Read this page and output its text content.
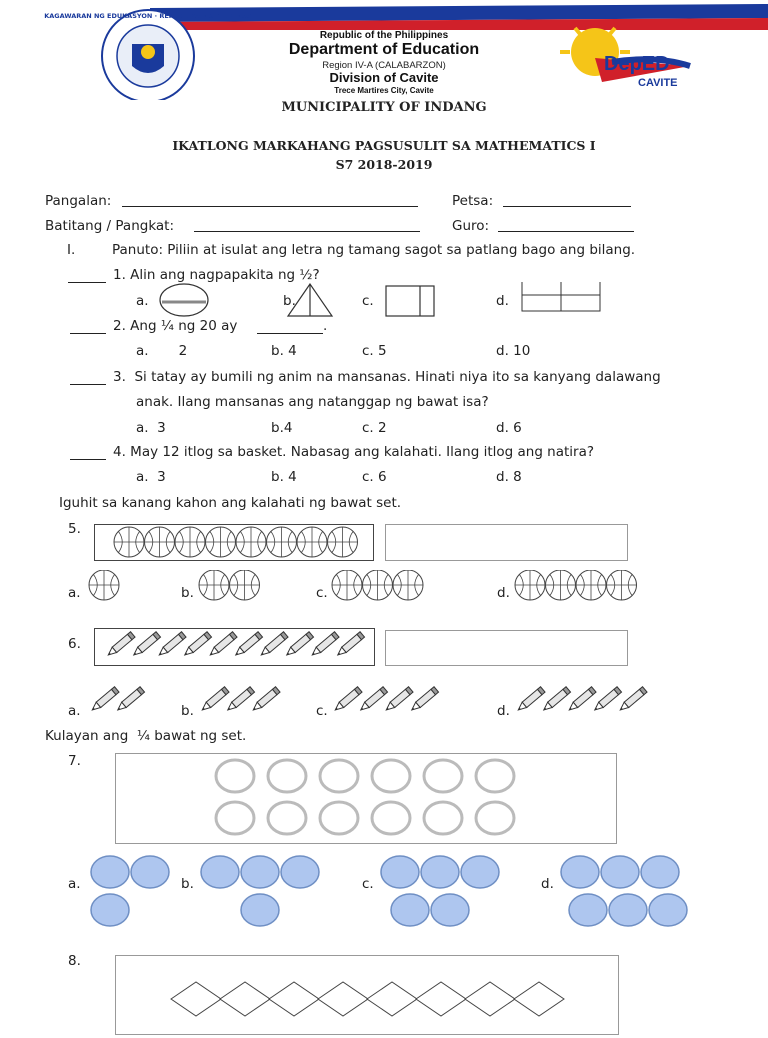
KAGAWARAN NG EDUKASYON · REPUBLIKA NG PILIPINAS
DepED
CAVITE
Republic of the Philippines
Department of Education
Region IV-A (CALABARZON)
Division of Cavite
Trece Martires City, Cavite
MUNICIPALITY OF INDANG
IKATLONG MARKAHANG PAGSUSULIT SA MATHEMATICS I
S7 2018-2019
Pangalan:	Petsa:
Batitang / Pangkat:	Guro:
I.	Panuto: Piliin at isulat ang letra ng tamang sagot sa patlang bago ang bilang.
1. Alin ang nagpapakita ng ½?
a.	b.	c.	d.
2. Ang ¼ ng 20 ay	.
a.       2	b. 4	c. 5	d. 10
3.  Si tatay ay bumili ng anim na mansanas. Hinati niya ito sa kanyang dalawang
anak. Ilang mansanas ang natanggap ng bawat isa?
a.  3	b.4	c. 2	d. 6
4. May 12 itlog sa basket. Nabasag ang kalahati. Ilang itlog ang natira?
a.  3	b. 4	c. 6	d. 8
Iguhit sa kanang kahon ang kalahati ng bawat set.
5.
a.	b.	c.	d.
6.
a.	b.	c.	d.
Kulayan ang  ¼ bawat ng set.
7.
a.	b.	c.	d.
8.
